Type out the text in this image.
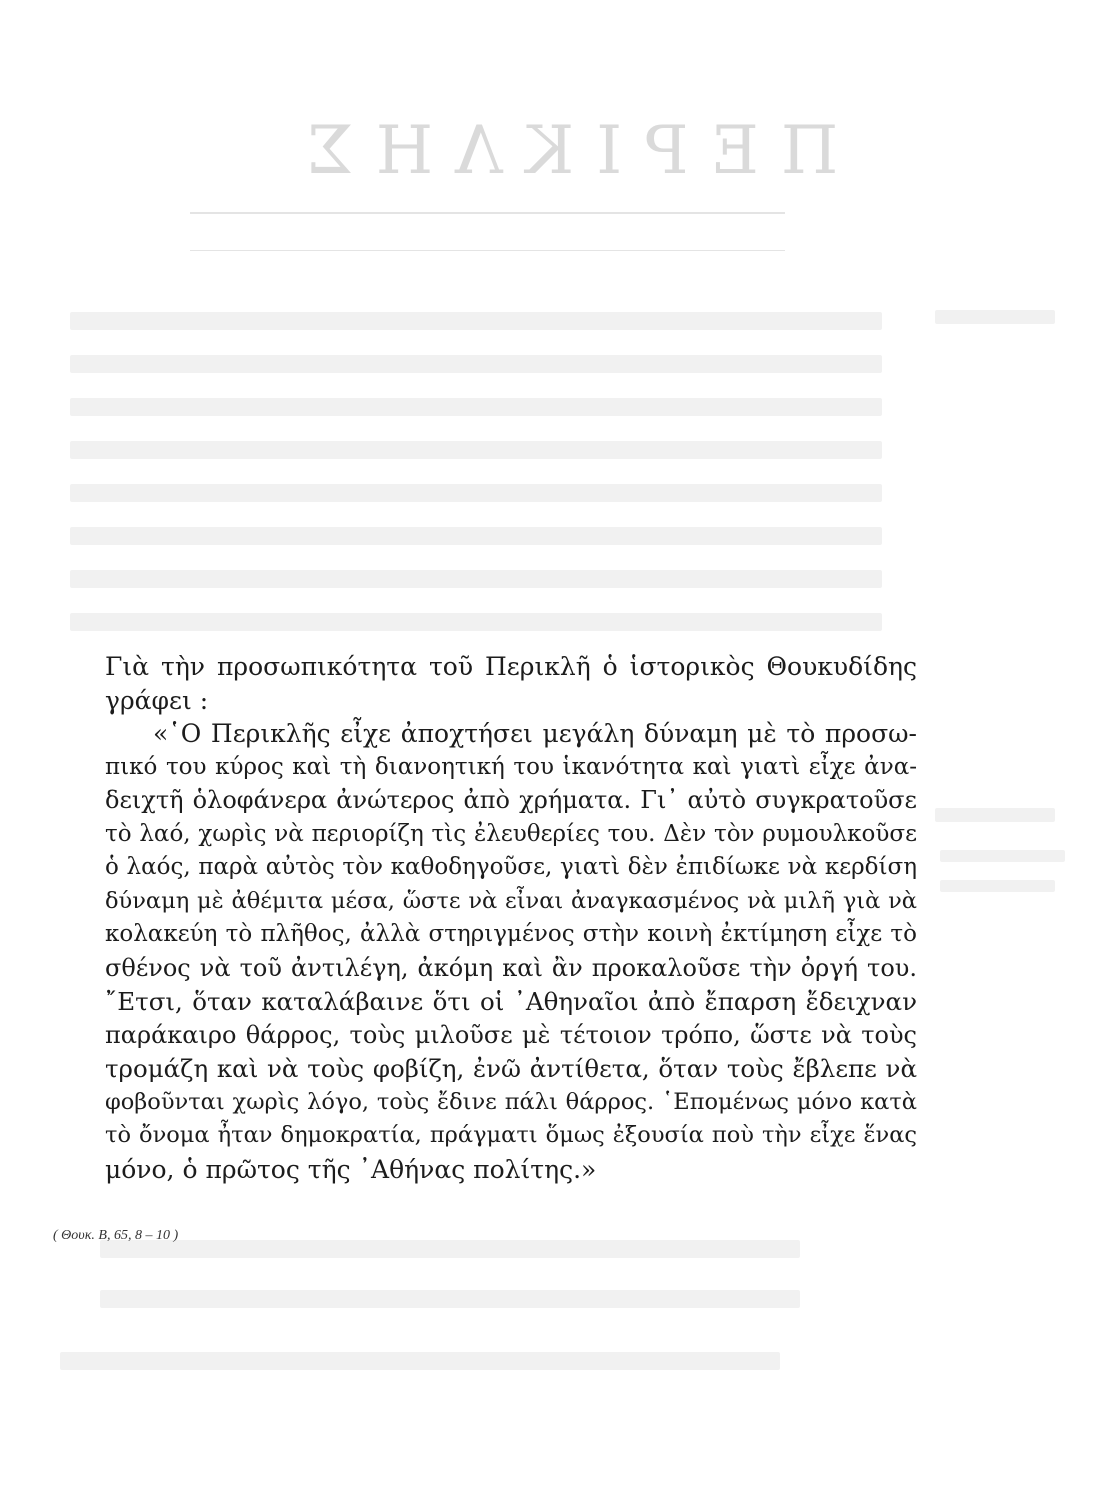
ΠΕΡΙΚΛΗΣ
Γιὰ τὴν προσωπικότητα τοῦ Περικλῆ ὁ ἱστορικὸς Θουκυδίδης
γράφει :
«῾Ο Περικλῆς εἶχε ἀποχτήσει μεγάλη δύναμη μὲ τὸ προσω-
πικό του κύρος καὶ τὴ διανοητική του ἱκανότητα καὶ γιατὶ εἶχε ἀνα-
δειχτῆ ὁλοφάνερα ἀνώτερος ἀπὸ χρήματα. Γι᾿ αὐτὸ συγκρατοῦσε
τὸ λαό, χωρὶς νὰ περιορίζη τὶς ἐλευθερίες του. Δὲν τὸν ρυμουλκοῦσε
ὁ λαός, παρὰ αὐτὸς τὸν καθοδηγοῦσε, γιατὶ δὲν ἐπιδίωκε νὰ κερδίση
δύναμη μὲ ἀθέμιτα μέσα, ὥστε νὰ εἶναι ἀναγκασμένος νὰ μιλῆ γιὰ νὰ
κολακεύη τὸ πλῆθος, ἀλλὰ στηριγμένος στὴν κοινὴ ἐκτίμηση εἶχε τὸ
σθένος νὰ τοῦ ἀντιλέγη, ἀκόμη καὶ ἂν προκαλοῦσε τὴν ὀργή του.
῎Ετσι, ὅταν καταλάβαινε ὅτι οἱ ᾿Αθηναῖοι ἀπὸ ἔπαρση ἔδειχναν
παράκαιρο θάρρος, τοὺς μιλοῦσε μὲ τέτοιον τρόπο, ὥστε νὰ τοὺς
τρομάζη καὶ νὰ τοὺς φοβίζη, ἐνῶ ἀντίθετα, ὅταν τοὺς ἔβλεπε νὰ
φοβοῦνται χωρὶς λόγο, τοὺς ἔδινε πάλι θάρρος. ῾Επομένως μόνο κατὰ
τὸ ὄνομα ἦταν δημοκρατία, πράγματι ὅμως ἐξουσία ποὺ τὴν εἶχε ἕνας
μόνο, ὁ πρῶτος τῆς ᾿Αθήνας πολίτης.»
( Θουκ. Β, 65, 8 – 10 )
